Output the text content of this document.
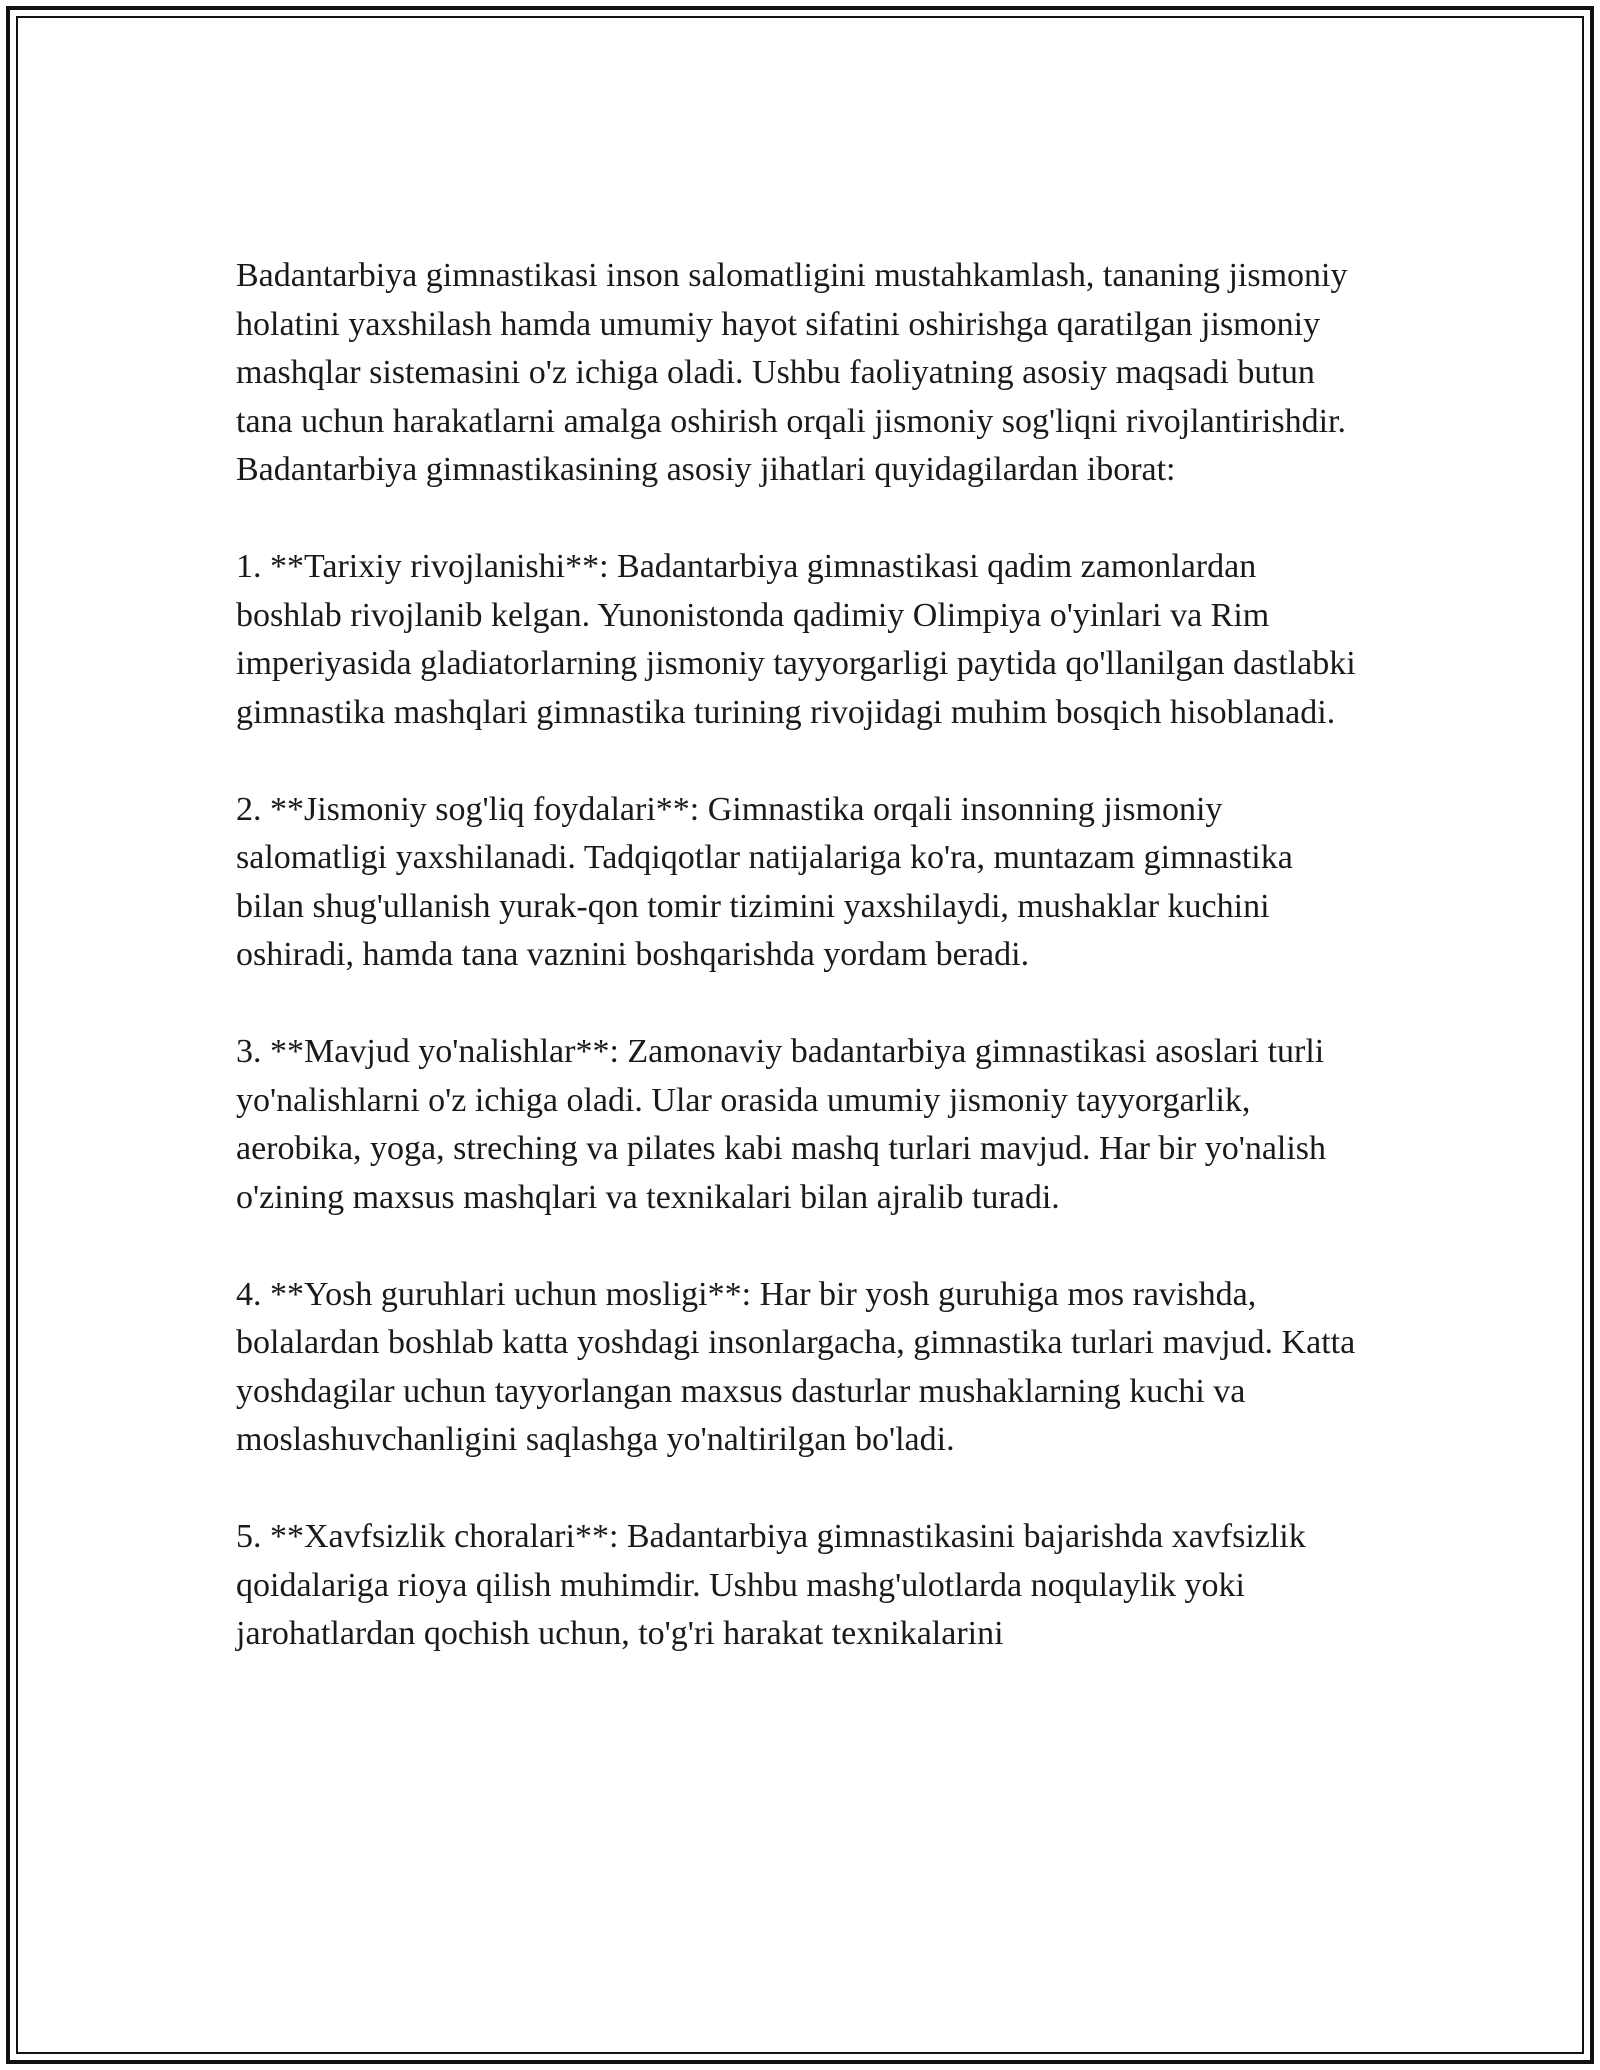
Badantarbiya gimnastikasi inson salomatligini mustahkamlash, tananing jismoniy holatini yaxshilash hamda umumiy hayot sifatini oshirishga qaratilgan jismoniy mashqlar sistemasini o'z ichiga oladi. Ushbu faoliyatning asosiy maqsadi butun tana uchun harakatlarni amalga oshirish orqali jismoniy sog'liqni rivojlantirishdir. Badantarbiya gimnastikasining asosiy jihatlari quyidagilardan iborat:

1. **Tarixiy rivojlanishi**: Badantarbiya gimnastikasi qadim zamonlardan boshlab rivojlanib kelgan. Yunonistonda qadimiy Olimpiya o'yinlari va Rim imperiyasida gladiatorlarning jismoniy tayyorgarligi paytida qo'llanilgan dastlabki gimnastika mashqlari gimnastika turining rivojidagi muhim bosqich hisoblanadi.

2. **Jismoniy sog'liq foydalari**: Gimnastika orqali insonning jismoniy salomatligi yaxshilanadi. Tadqiqotlar natijalariga ko'ra, muntazam gimnastika bilan shug'ullanish yurak-qon tomir tizimini yaxshilaydi, mushaklar kuchini oshiradi, hamda tana vaznini boshqarishda yordam beradi.

3. **Mavjud yo'nalishlar**: Zamonaviy badantarbiya gimnastikasi asoslari turli yo'nalishlarni o'z ichiga oladi. Ular orasida umumiy jismoniy tayyorgarlik, aerobika, yoga, streching va pilates kabi mashq turlari mavjud. Har bir yo'nalish o'zining maxsus mashqlari va texnikalari bilan ajralib turadi.

4. **Yosh guruhlari uchun mosligi**: Har bir yosh guruhiga mos ravishda, bolalardan boshlab katta yoshdagi insonlargacha, gimnastika turlari mavjud. Katta yoshdagilar uchun tayyorlangan maxsus dasturlar mushaklarning kuchi va moslashuvchanligini saqlashga yo'naltirilgan bo'ladi.

5. **Xavfsizlik choralari**: Badantarbiya gimnastikasini bajarishda xavfsizlik qoidalariga rioya qilish muhimdir. Ushbu mashg'ulotlarda noqulaylik yoki jarohatlardan qochish uchun, to'g'ri harakat texnikalarini
